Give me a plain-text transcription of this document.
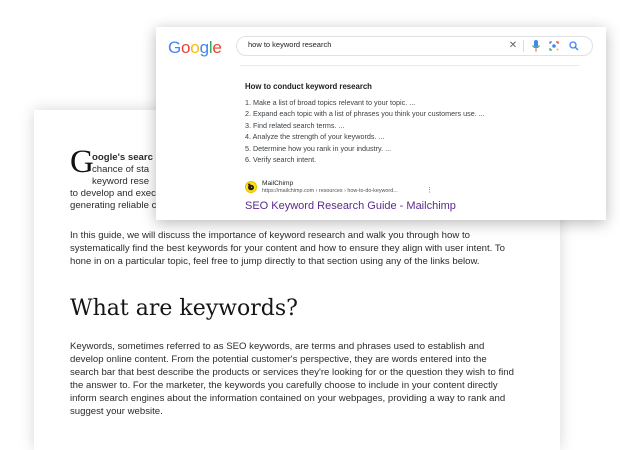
G
oogle's searc
chance of sta
keyword rese
to develop and exec
generating reliable c
In this guide, we will discuss the importance of keyword research and walk you through how to systematically find the best keywords for your content and how to ensure they align with user intent. To hone in on a particular topic, feel free to jump directly to that section using any of the links below.
What are keywords?
Keywords, sometimes referred to as SEO keywords, are terms and phrases used to establish and develop online content. From the potential customer's perspective, they are words entered into the search bar that best describe the products or services they're looking for or the question they wish to find the answer to. For the marketer, the keywords you carefully choose to include in your content directly inform search engines about the information contained on your webpages, providing a way to rank and suggest your website.
Google	how to keyword research	✕
How to conduct keyword research
1. Make a list of broad topics relevant to your topic. ...
2. Expand each topic with a list of phrases you think your customers use. ...
3. Find related search terms. ...
4. Analyze the strength of your keywords. ...
5. Determine how you rank in your industry. ...
6. Verify search intent.
MailChimp
https://mailchimp.com › resources › how-to-do-keyword...	⋮
SEO Keyword Research Guide - Mailchimp
